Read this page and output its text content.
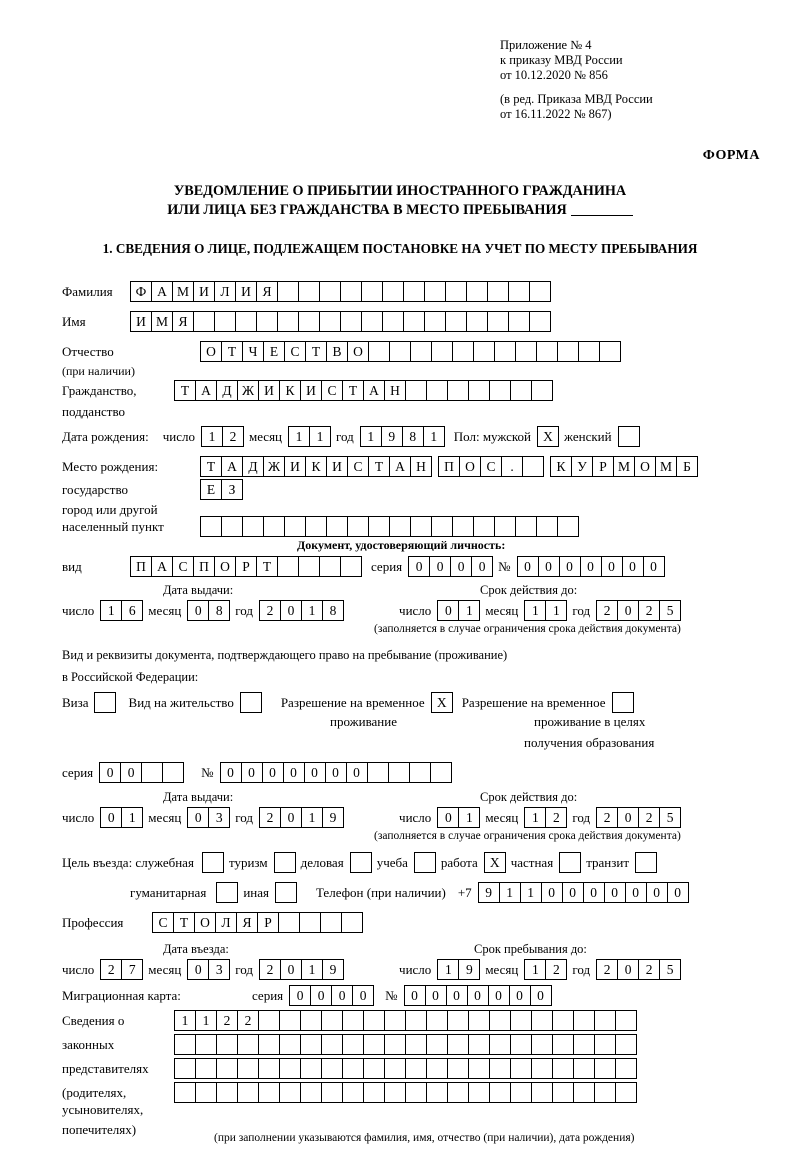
Приложение № 4
к приказу МВД России
от 10.12.2020 № 856
(в ред. Приказа МВД России
от 16.11.2022 № 867)
ФОРМА
УВЕДОМЛЕНИЕ О ПРИБЫТИИ ИНОСТРАННОГО ГРАЖДАНИНА
ИЛИ ЛИЦА БЕЗ ГРАЖДАНСТВА В МЕСТО ПРЕБЫВАНИЯ
1. СВЕДЕНИЯ О ЛИЦЕ, ПОДЛЕЖАЩЕМ ПОСТАНОВКЕ НА УЧЕТ ПО МЕСТУ ПРЕБЫВАНИЯ
Фамилия	Ф А М И Л И Я
Имя	И М Я
Отчество	О Т Ч Е С Т В О
(при наличии)
Гражданство,	Т А Д Ж И К И С Т А Н
подданство
Дата рождения: число	1	2 месяц	1	1 год	1	9	8	1	Пол: мужской X женский
Место рождения:	Т А Д Ж И К И С Т А Н	П О С	.	К У Р М О М Б
государство	Е З
город или другой
населенный пункт
Документ, удостоверяющий личность:
вид	П А С П О Р Т	серия	0	0	0	0 №	0	0	0	0	0	0	0
Дата выдачи:	Срок действия до:
число	1	6 месяц	0	8 год	2	0	1	8	число	0	1 месяц	1	1 год	2	0	2	5
(заполняется в случае ограничения срока действия документа)
Вид и реквизиты документа, подтверждающего право на пребывание (проживание)
в Российской Федерации:
Виза	Вид на жительство	Разрешение на временное X	Разрешение на временное
проживание	проживание в целях
получения образования
серия	0	0	№	0	0	0	0	0	0	0
Дата выдачи:	Срок действия до:
число	0	1 месяц	0	3 год	2	0	1	9	число	0	1 месяц	1	2 год	2	0	2	5
(заполняется в случае ограничения срока действия документа)
Цель въезда: служебная	туризм	деловая	учеба	работа X частная	транзит
гуманитарная	иная	Телефон (при наличии) +7	9	1	1	0	0	0	0	0	0	0
Профессия	С Т О Л Я Р
Дата въезда:	Срок пребывания до:
число	2	7 месяц	0	3 год	2	0	1	9	число	1	9 месяц	1	2 год	2	0	2	5
Миграционная карта:	серия	0	0	0	0	№	0	0	0	0	0	0	0
Сведения о	1	1	2	2
законных
представителях
(родителях,
усыновителях,
попечителях)
(при заполнении указываются фамилия, имя, отчество (при наличии), дата рождения)
